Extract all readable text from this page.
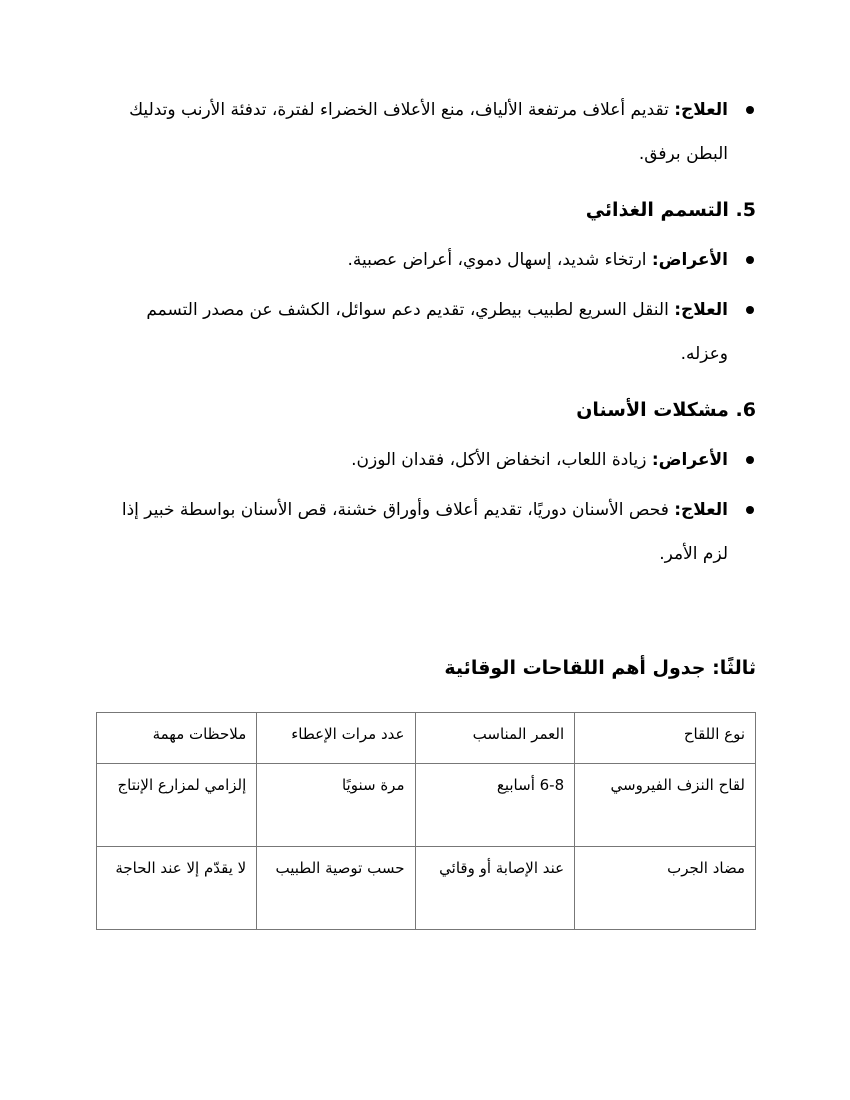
العلاج: تقديم أعلاف مرتفعة الألياف، منع الأعلاف الخضراء لفترة، تدفئة الأرنب وتدليك البطن برفق.
5. التسمم الغذائي
الأعراض: ارتخاء شديد، إسهال دموي، أعراض عصبية.
العلاج: النقل السريع لطبيب بيطري، تقديم دعم سوائل، الكشف عن مصدر التسمم وعزله.
6. مشكلات الأسنان
الأعراض: زيادة اللعاب، انخفاض الأكل، فقدان الوزن.
العلاج: فحص الأسنان دوريًا، تقديم أعلاف وأوراق خشنة، قص الأسنان بواسطة خبير إذا لزم الأمر.
ثالثًا: جدول أهم اللقاحات الوقائية
نوع اللقاح	العمر المناسب	عدد مرات الإعطاء	ملاحظات مهمة
لقاح النزف الفيروسي	6-8 أسابيع	مرة سنويًا	إلزامي لمزارع الإنتاج
مضاد الجرب	عند الإصابة أو وقائي	حسب توصية الطبيب	لا يقدّم إلا عند الحاجة
